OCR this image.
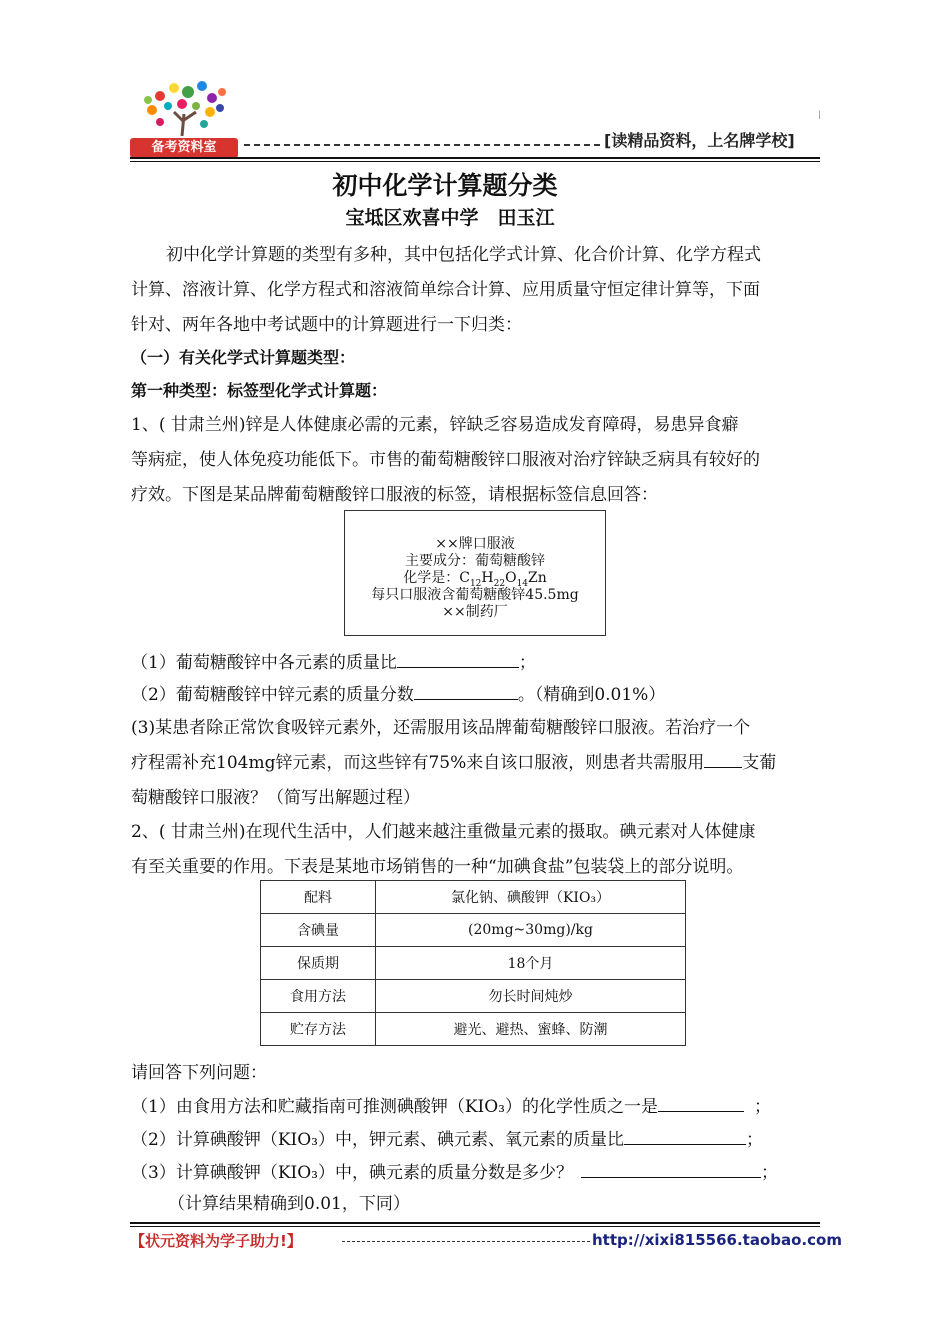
备考资料室	[读精品资料，上名牌学校]
|
初中化学计算题分类
宝坻区欢喜中学　田玉江
初中化学计算题的类型有多种，其中包括化学式计算、化合价计算、化学方程式
计算、溶液计算、化学方程式和溶液简单综合计算、应用质量守恒定律计算等，下面
针对、两年各地中考试题中的计算题进行一下归类：
（一）有关化学式计算题类型：
第一种类型：标签型化学式计算题：
1、( 甘肃兰州)锌是人体健康必需的元素，锌缺乏容易造成发育障碍，易患异食癖
等病症，使人体免疫功能低下。市售的葡萄糖酸锌口服液对治疗锌缺乏病具有较好的
疗效。下图是某品牌葡萄糖酸锌口服液的标签，请根据标签信息回答：
××牌口服液
主要成分：葡萄糖酸锌
化学是：$C_{12}H_{22}O_{14}Zn$
每只口服液含葡萄糖酸锌45.5mg
××制药厂
（1）葡萄糖酸锌中各元素的质量比	；
（2）葡萄糖酸锌中锌元素的质量分数	。（精确到0.01%）
(3)某患者除正常饮食吸锌元素外，还需服用该品牌葡萄糖酸锌口服液。若治疗一个
疗程需补充104mg锌元素，而这些锌有75%来自该口服液，则患者共需服用 支葡
萄糖酸锌口服液？（简写出解题过程）
2、( 甘肃兰州)在现代生活中，人们越来越注重微量元素的摄取。碘元素对人体健康
有至关重要的作用。下表是某地市场销售的一种“加碘食盐”包装袋上的部分说明。
配料	氯化钠、碘酸钾（KIO₃）
含碘量	(20mg~30mg)/kg
保质期	18个月
食用方法	勿长时间炖炒
贮存方法	避光、避热、蜜蜂、防潮
请回答下列问题：
（1）由食用方法和贮藏指南可推测碘酸钾（KIO₃）的化学性质之一是	；
（2）计算碘酸钾（KIO₃）中，钾元素、碘元素、氧元素的质量比	；
（3）计算碘酸钾（KIO₃）中，碘元素的质量分数是多少？	；
（计算结果精确到0.01，下同）
【状元资料为学子助力!】	http://xixi815566.taobao.com
